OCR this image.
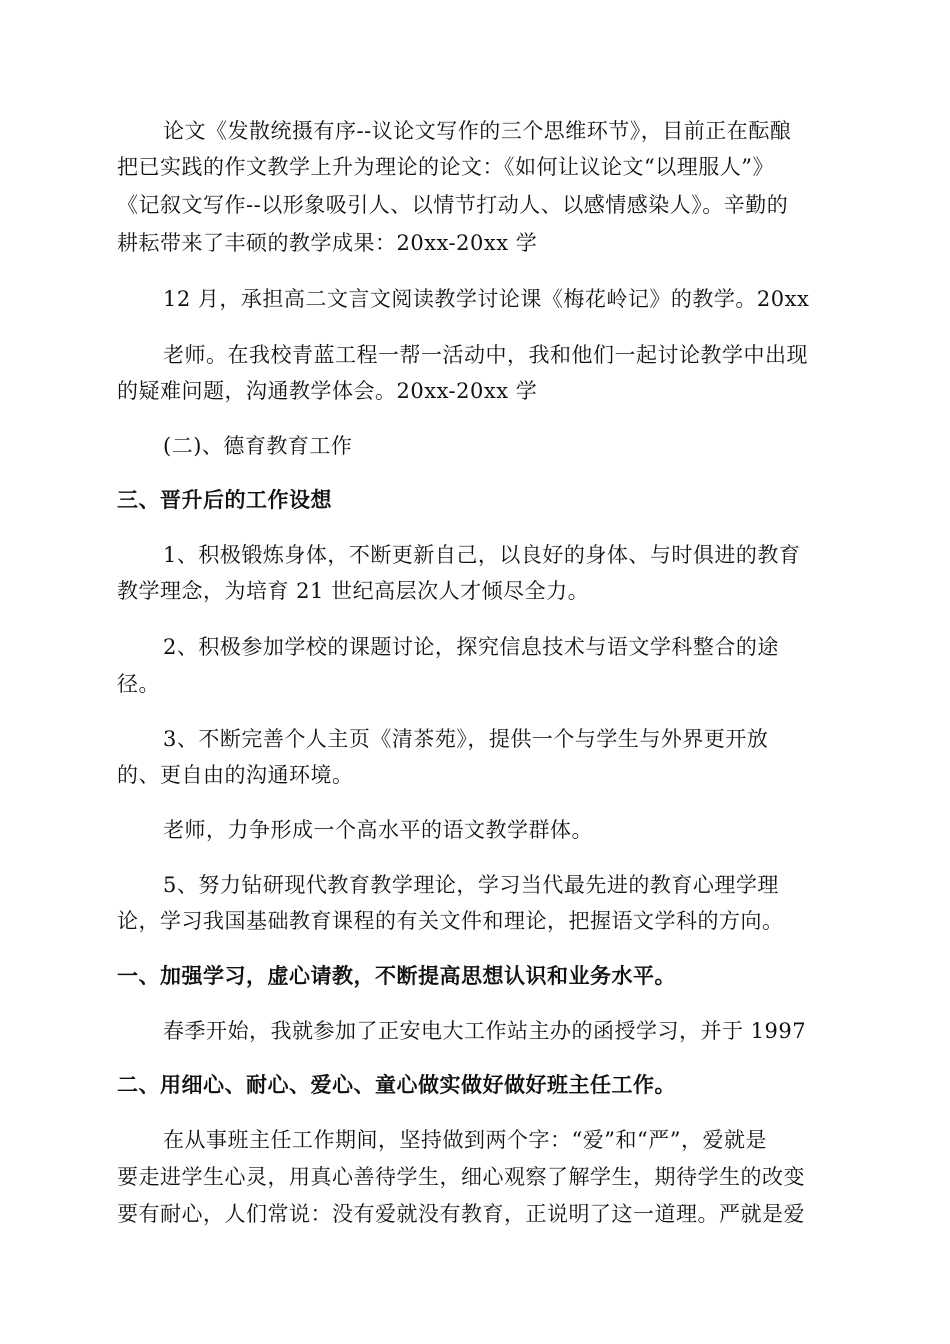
论文《发散统摄有序--议论文写作的三个思维环节》，目前正在酝酿
把已实践的作文教学上升为理论的论文：《如何让议论文“以理服人”》
《记叙文写作--以形象吸引人、以情节打动人、以感情感染人》。辛勤的
耕耘带来了丰硕的教学成果：20xx-20xx 学
12 月，承担高二文言文阅读教学讨论课《梅花岭记》的教学。20xx
老师。在我校青蓝工程一帮一活动中，我和他们一起讨论教学中出现
的疑难问题，沟通教学体会。20xx-20xx 学
(二)、德育教育工作
三、晋升后的工作设想
1、积极锻炼身体，不断更新自己，以良好的身体、与时俱进的教育
教学理念，为培育 21 世纪高层次人才倾尽全力。
2、积极参加学校的课题讨论，探究信息技术与语文学科整合的途
径。
3、不断完善个人主页《清茶苑》，提供一个与学生与外界更开放
的、更自由的沟通环境。
老师，力争形成一个高水平的语文教学群体。
5、努力钻研现代教育教学理论，学习当代最先进的教育心理学理
论，学习我国基础教育课程的有关文件和理论，把握语文学科的方向。
一、加强学习，虚心请教，不断提高思想认识和业务水平。
春季开始，我就参加了正安电大工作站主办的函授学习，并于 1997
二、用细心、耐心、爱心、童心做实做好做好班主任工作。
在从事班主任工作期间，坚持做到两个字：“爱”和“严”，爱就是
要走进学生心灵，用真心善待学生，细心观察了解学生，期待学生的改变
要有耐心，人们常说：没有爱就没有教育，正说明了这一道理。严就是爱
